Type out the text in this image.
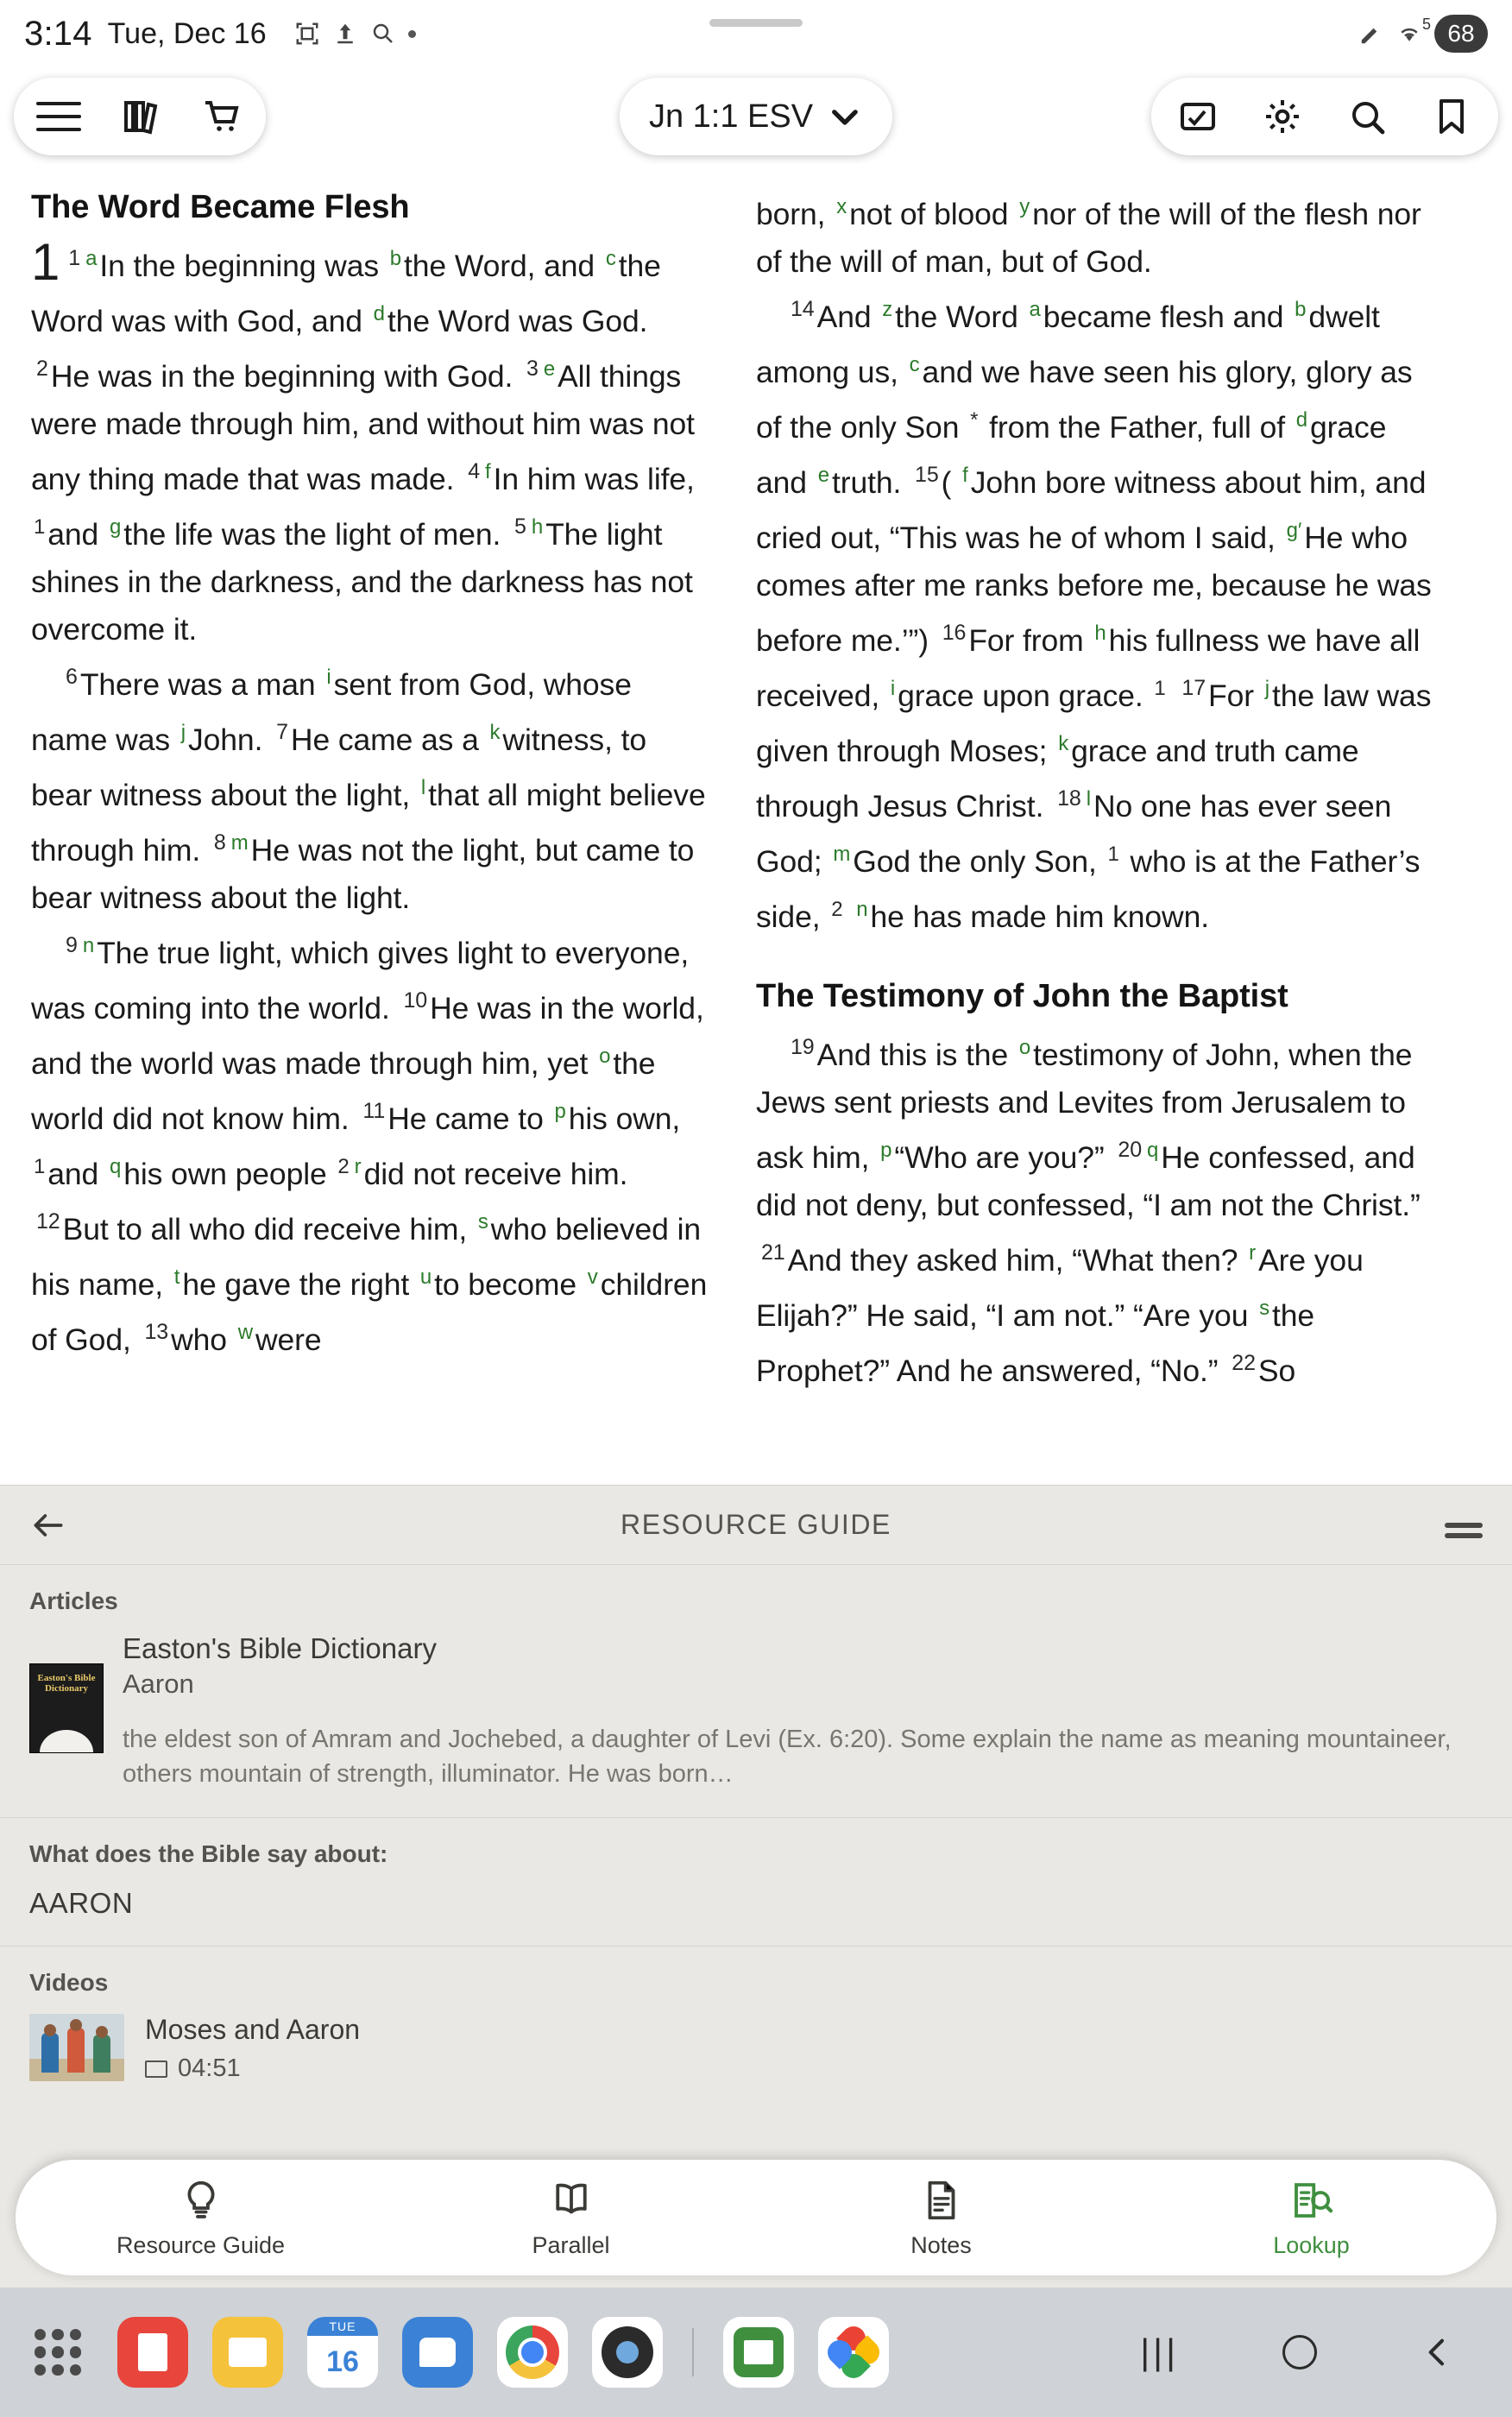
3:14 Tue, Dec 16	5 68
Jn 1:1 ESV
The Word Became Flesh

1 $^1$ $^a$In the beginning was $^b$the Word, and $^c$the Word was with God, and $^d$the Word was God. $^2$He was in the beginning with God. $^3$ $^e$All things were made through him, and without him was not any thing made that was made. $^4$ $^f$In him was life, $^1$and $^g$the life was the light of men. $^5$ $^h$The light shines in the darkness, and the darkness has not overcome it.

$^6$There was a man $^i$sent from God, whose name was $^j$John. $^7$He came as a $^k$witness, to bear witness about the light, $^l$that all might believe through him. $^8$ $^m$He was not the light, but came to bear witness about the light.

$^9$ $^n$The true light, which gives light to everyone, was coming into the world. $^{10}$He was in the world, and the world was made through him, yet $^o$the world did not know him. $^{11}$He came to $^p$his own, $^1$and $^q$his own people $^2$ $^r$did not receive him. $^{12}$But to all who did receive him, $^s$who believed in his name, $^t$he gave the right $^u$to become $^v$children of God, $^{13}$who $^w$were

born, $^x$not of blood $^y$nor of the will of the flesh nor of the will of man, but of God.

$^{14}$And $^z$the Word $^a$became flesh and $^b$dwelt among us, $^c$and we have seen his glory, glory as of the only Son * from the Father, full of $^d$grace and $^e$truth. $^{15}$( $^f$John bore witness about him, and cried out, “This was he of whom I said, $^{g'}$He who comes after me ranks before me, because he was before me.’”) $^{16}$For from $^h$his fullness we have all received, $^i$grace upon grace. $^1$ $^{17}$For $^j$the law was given through Moses; $^k$grace and truth came through Jesus Christ. $^{18}$ $^l$No one has ever seen God; $^m$God the only Son, $^1$ who is at the Father’s side, $^2$ $^n$he has made him known.

The Testimony of John the Baptist

$^{19}$And this is the $^o$testimony of John, when the Jews sent priests and Levites from Jerusalem to ask him, $^p$“Who are you?” $^{20}$ $^q$He confessed, and did not deny, but confessed, “I am not the Christ.” $^{21}$And they asked him, “What then? $^r$Are you Elijah?” He said, “I am not.” “Are you $^s$the Prophet?” And he answered, “No.” $^{22}$So

RESOURCE GUIDE
Articles
Easton's Bible Dictionary
Easton's Bible Dictionary
Aaron
the eldest son of Amram and Jochebed, a daughter of Levi (Ex. 6:20). Some explain the name as meaning mountaineer, others mountain of strength, illuminator. He was born…
What does the Bible say about:
AARON
Videos
Moses and Aaron
04:51
Resource Guide	Parallel	Notes	Lookup
TUE
16	|||
